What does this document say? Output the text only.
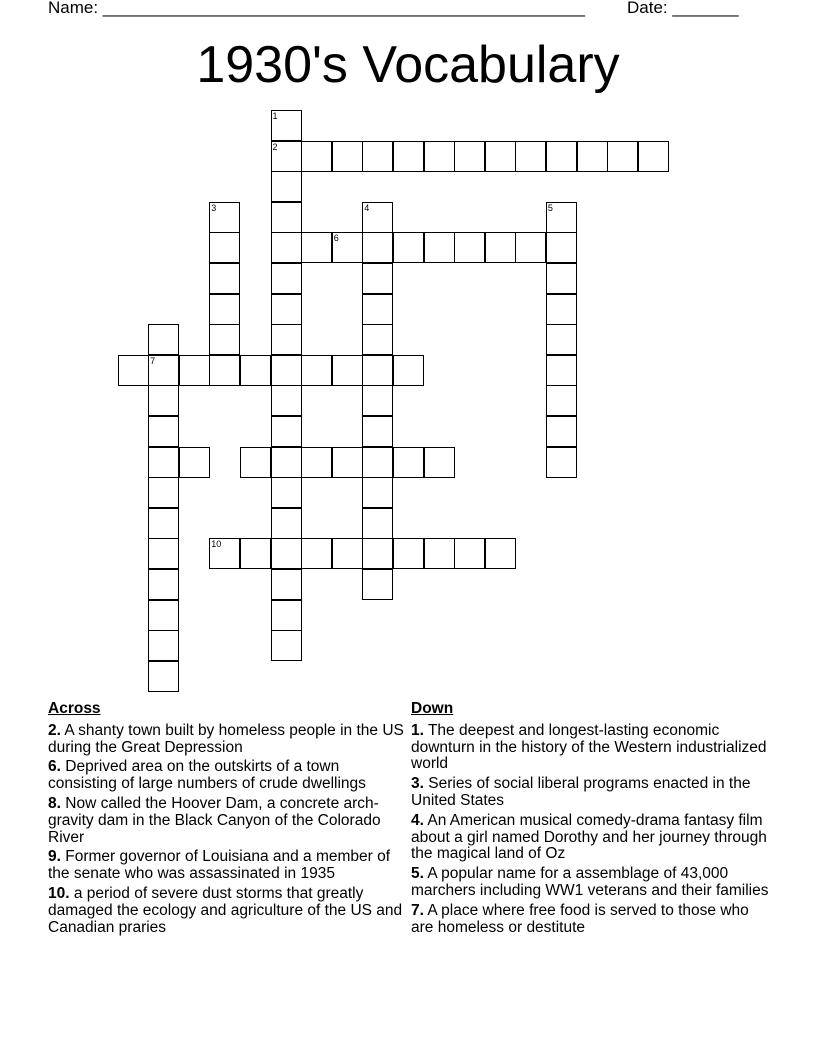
Name: ___________________________________________________ Date: _______
1930's Vocabulary
1
2
3	4	5
6
7
10
Across
2. A shanty town built by homeless people in the US during the Great Depression
6. Deprived area on the outskirts of a town consisting of large numbers of crude dwellings
8. Now called the Hoover Dam, a concrete arch-gravity dam in the Black Canyon of the Colorado River
9. Former governor of Louisiana and a member of the senate who was assassinated in 1935
10. a period of severe dust storms that greatly damaged the ecology and agriculture of the US and Canadian praries
Down
1. The deepest and longest-lasting economic downturn in the history of the Western industrialized world
3. Series of social liberal programs enacted in the United States
4. An American musical comedy-drama fantasy film about a girl named Dorothy and her journey through the magical land of Oz
5. A popular name for a assemblage of 43,000 marchers including WW1 veterans and their families
7. A place where free food is served to those who are homeless or destitute
